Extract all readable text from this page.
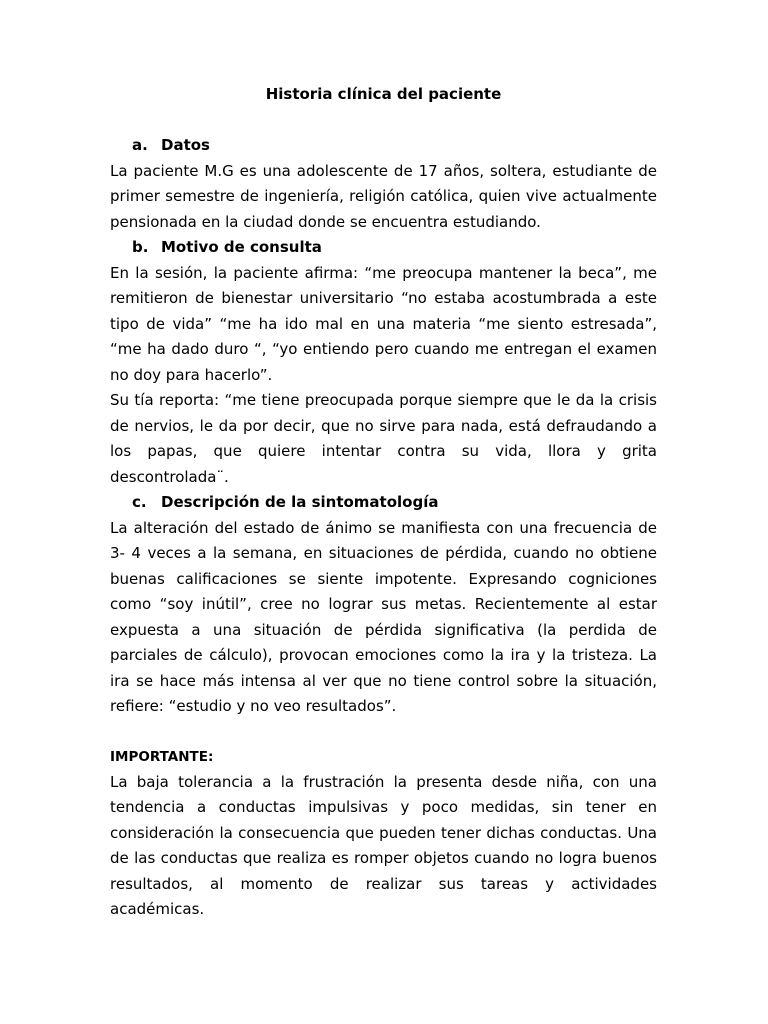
Historia clínica del paciente
a. Datos

La paciente M.G es una adolescente de 17 años, soltera, estudiante de primer semestre de ingeniería, religión católica, quien vive actualmente pensionada en la ciudad donde se encuentra estudiando.

b. Motivo de consulta

En la sesión, la paciente afirma: “me preocupa mantener la beca”, me remitieron de bienestar universitario “no estaba acostumbrada a este tipo de vida” “me ha ido mal en una materia “me siento estresada”, “me ha dado duro “, “yo entiendo pero cuando me entregan el examen no doy para hacerlo”.

Su tía reporta: “me tiene preocupada porque siempre que le da la crisis de nervios, le da por decir, que no sirve para nada, está defraudando a los papas, que quiere intentar contra su vida, llora y grita descontrolada¨.

c. Descripción de la sintomatología

La alteración del estado de ánimo se manifiesta con una frecuencia de 3- 4 veces a la semana, en situaciones de pérdida, cuando no obtiene buenas calificaciones se siente impotente. Expresando cogniciones como “soy inútil”, cree no lograr sus metas. Recientemente al estar expuesta a una situación de pérdida significativa (la perdida de parciales de cálculo), provocan emociones como la ira y la tristeza. La ira se hace más intensa al ver que no tiene control sobre la situación, refiere: “estudio y no veo resultados”.

IMPORTANTE:

La baja tolerancia a la frustración la presenta desde niña, con una tendencia a conductas impulsivas y poco medidas, sin tener en consideración la consecuencia que pueden tener dichas conductas. Una de las conductas que realiza es romper objetos cuando no logra buenos resultados, al momento de realizar sus tareas y actividades académicas.
